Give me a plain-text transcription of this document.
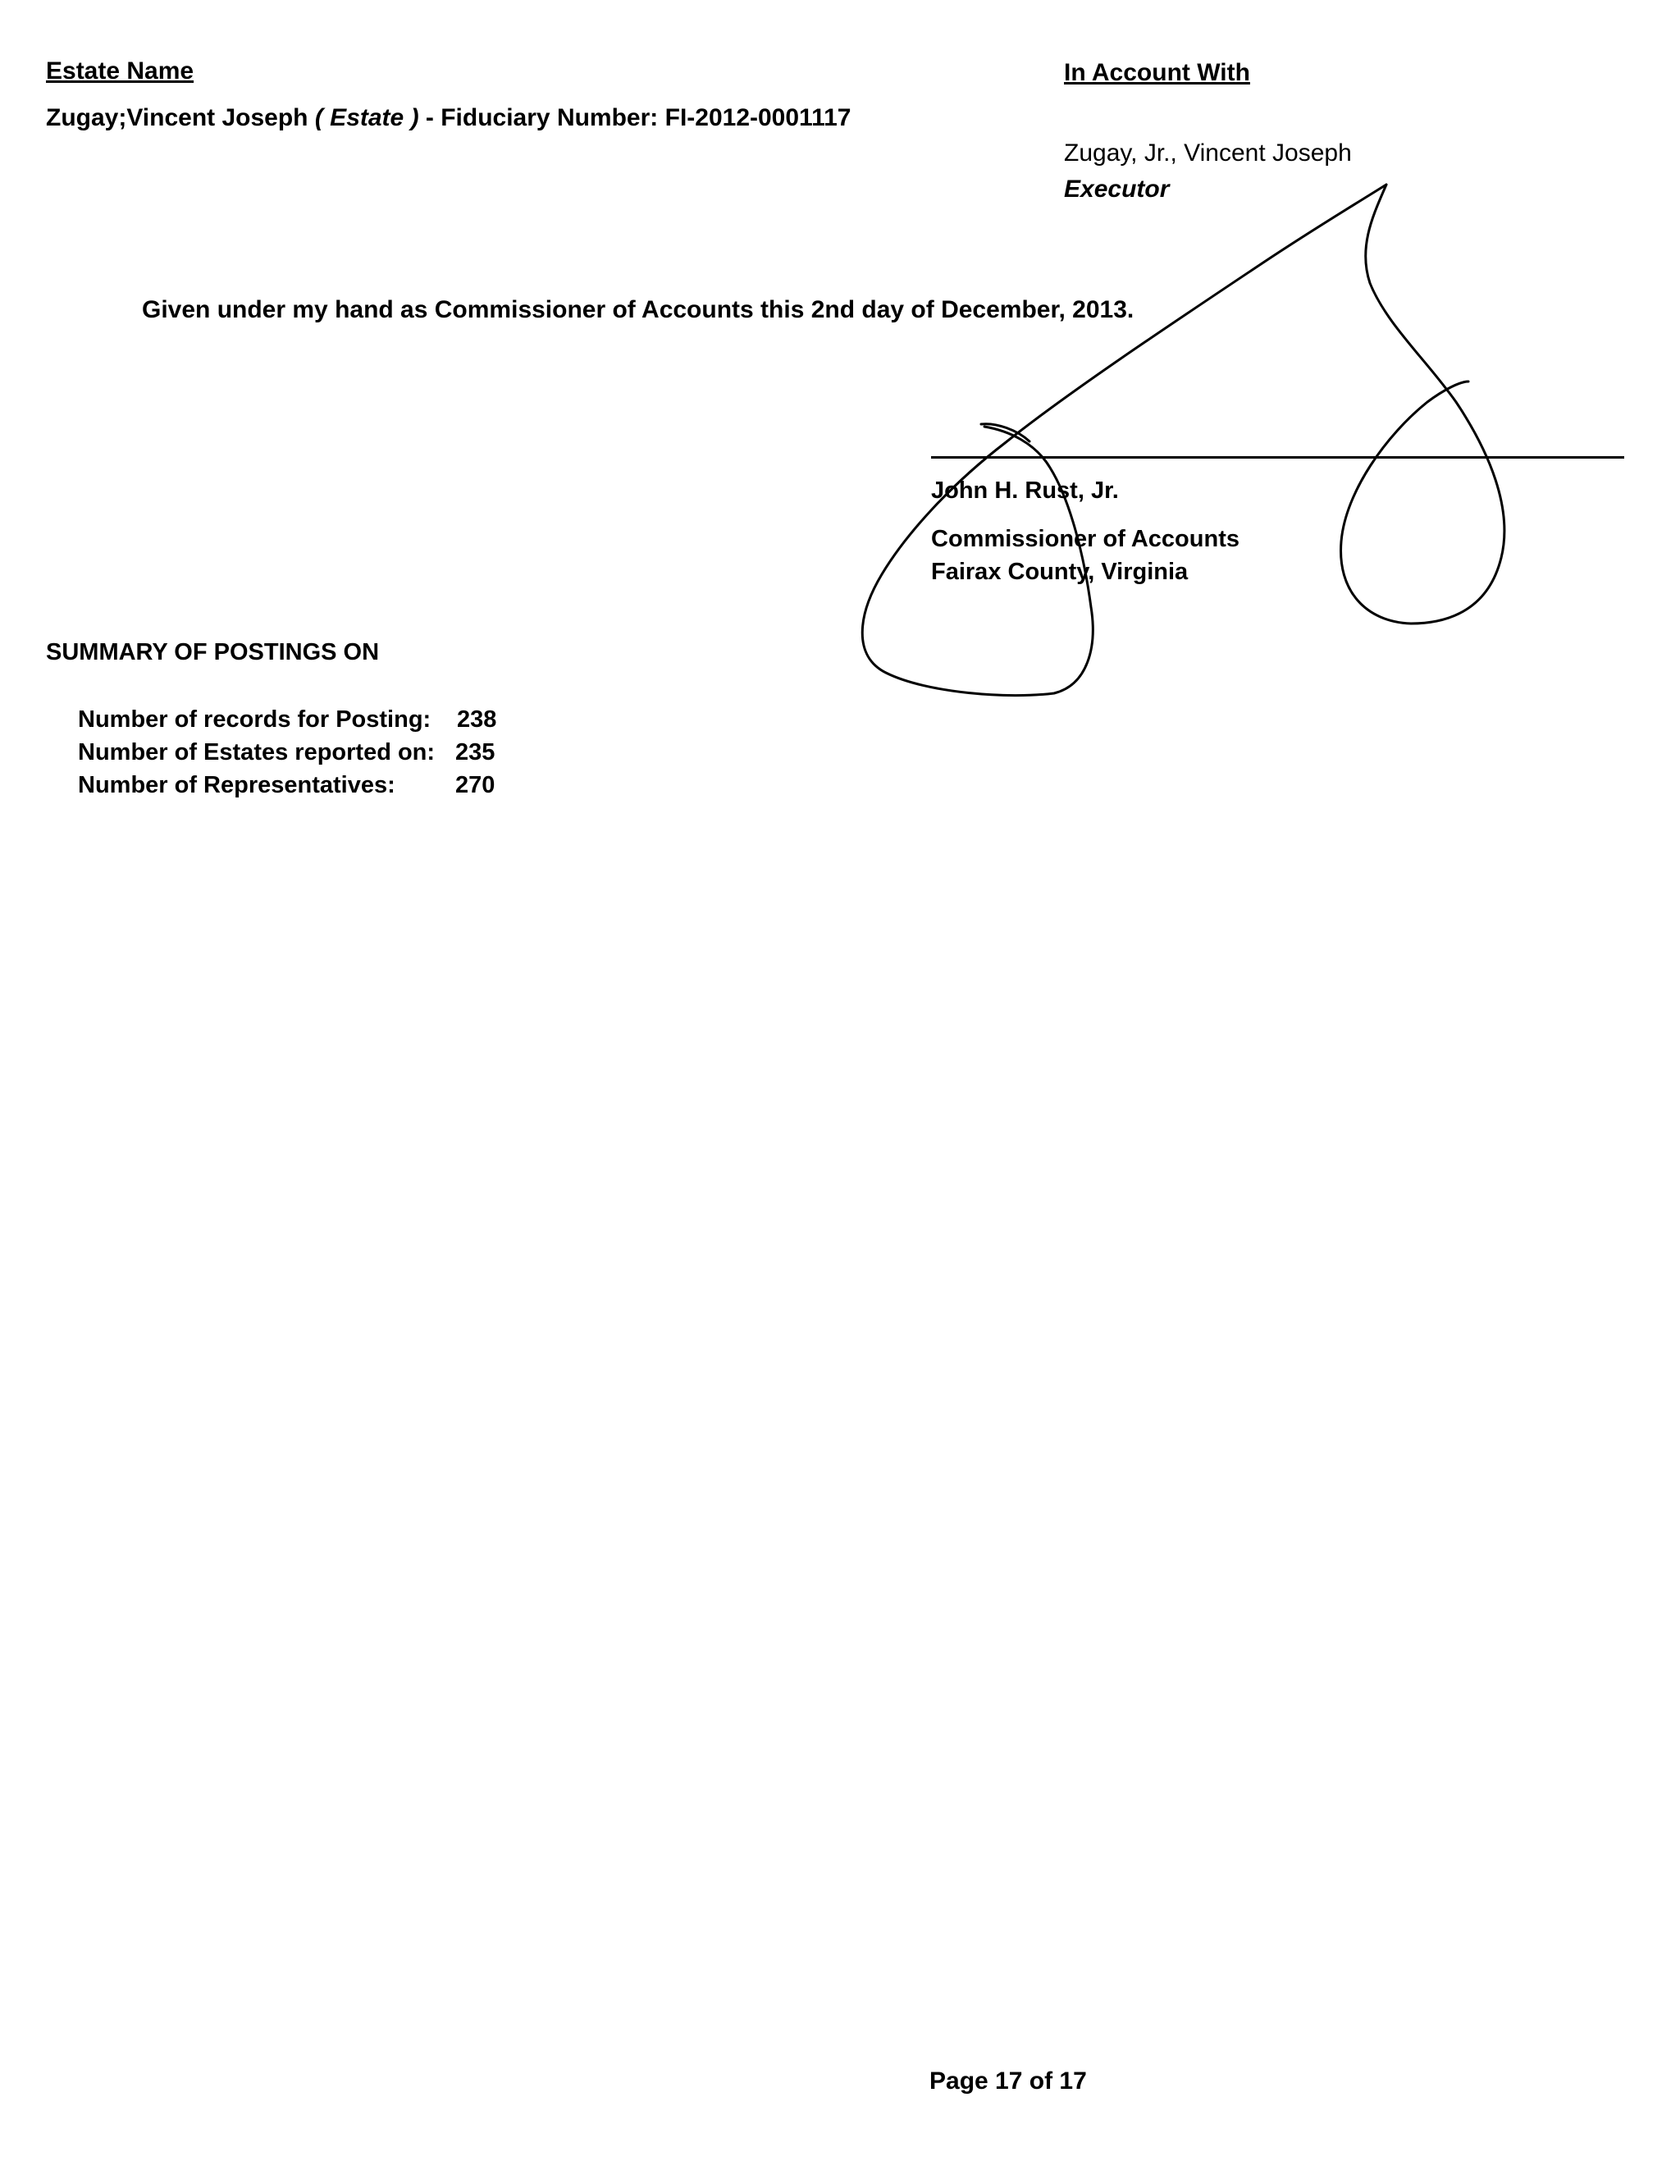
Estate Name
Zugay;Vincent Joseph ( Estate ) - Fiduciary Number: FI-2012-0001117
In Account With
Zugay, Jr., Vincent Joseph
Executor
Given under my hand as Commissioner of Accounts this 2nd day of December, 2013.
John H. Rust, Jr.
Commissioner of Accounts
Fairax County, Virginia
SUMMARY OF POSTINGS ON
Number of records for Posting: 238
Number of Estates reported on: 235
Number of Representatives:	270
Page 17 of 17
